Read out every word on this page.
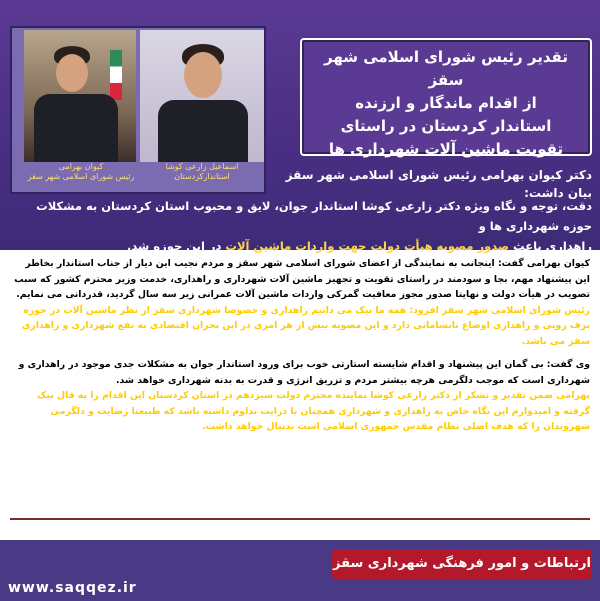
کیوان بهرامی
رئیس شورای اسلامی شهر سقز
اسماعیل زارعی کوشا
استاندارکردستان
تقدیر رئیس شورای اسلامی شهر سقز
از اقدام ماندگار و ارزنده
استاندار کردستان در راستای
تقویت ماشین آلات شهرداری ها
دکتر کیوان بهرامی رئیس شورای اسلامی شهر سقز بیان داشت:
دقت، توجه و نگاه ویژه دکتر زارعی کوشا استاندار جوان، لایق و محبوب استان کردستان به مشکلات حوزه شهرداری ها و
راهداری باعث صدور مصوبه هیأت دولت جهت واردات ماشین آلات در این حوزه شد.

کیوان بهرامی گفت: اینجانب به نمایندگی از اعضای شورای اسلامی شهر سقز و مردم نجیب این دیار از جناب استاندار بخاطر این پیشنهاد مهم، بجا و سودمند در راستای تقویت و تجهیز ماشین آلات شهرداری و راهداری، خدمت وزیر محترم کشور که سبب تصویب در هیأت دولت و نهایتا صدور مجوز معافیت گمرکی واردات ماشین آلات عمرانی زیر سه سال گردید، قدردانی می نمایم.

رئیس شورای اسلامی شهر سقز افزود: همه ما نیک می دانیم راهداری و خصوصا شهرداری سقز از نظر ماشین آلات در حوزه برف روبی و راهداری اوضاع نابسامانی دارد و این مصوبه بیش از هر امری در این بحران اقتصادی به نفع شهرداری و راهداری سقز می باشد.

وی گفت: بی گمان این پیشنهاد و اقدام شایسته استارتی خوب برای ورود استاندار جوان به مشکلات جدی موجود در راهداری و شهرداری است که موجب دلگرمی هرچه بیشتر مردم و تزریق انرژی و قدرت به بدنه شهرداری خواهد شد.

بهرامی ضمن تقدیر و تشکر از دکتر زارعی کوشا نماینده محترم دولت سیزدهم در استان کردستان این اقدام را به فال نیک گرفته و امیدوارم این نگاه خاص به راهداری و شهرداری همچنان با درایت تداوم داشته باشد که طبیعتا رضایت و دلگرمی شهروندان را که هدف اصلی نظام مقدس جمهوری اسلامی است بدنبال خواهد داشت.

ارتباطات و امور فرهنگی شهرداری سقز
www.saqqez.ir
